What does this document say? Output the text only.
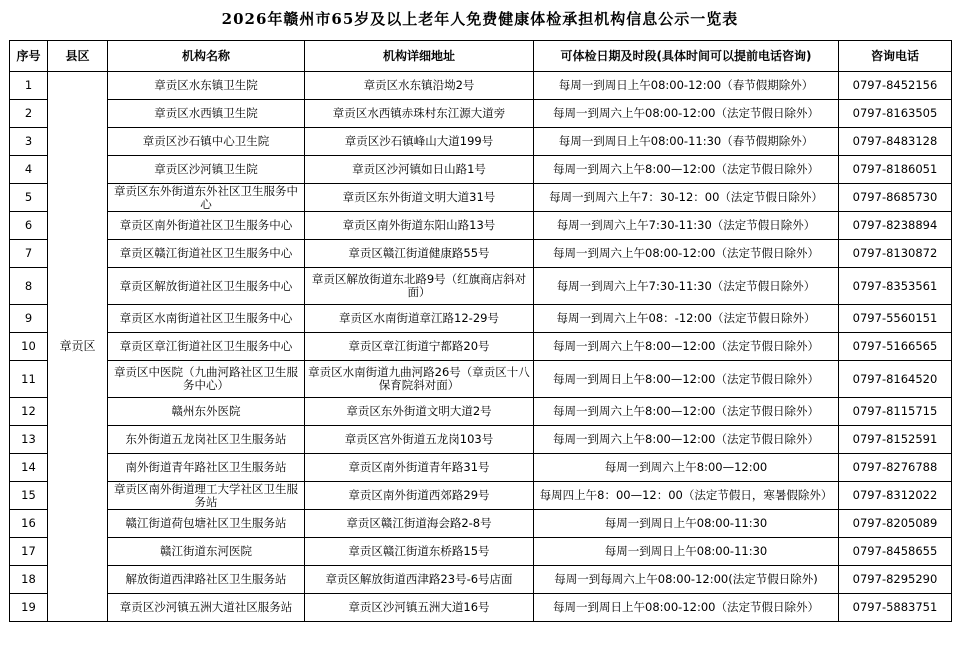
2026年赣州市65岁及以上老年人免费健康体检承担机构信息公示一览表
序号	县区	机构名称	机构详细地址	可体检日期及时段(具体时间可以提前电话咨询)	咨询电话
1	章贡区	章贡区水东镇卫生院	章贡区水东镇沿坳2号	每周一到周日上午08:00-12:00（春节假期除外）	0797-8452156
2		章贡区水西镇卫生院	章贡区水西镇赤珠村东江源大道旁	每周一到周六上午08:00-12:00（法定节假日除外）	0797-8163505
3		章贡区沙石镇中心卫生院	章贡区沙石镇峰山大道199号	每周一到周日上午08:00-11:30（春节假期除外）	0797-8483128
4		章贡区沙河镇卫生院	章贡区沙河镇如日山路1号	每周一到周六上午8:00—12:00（法定节假日除外）	0797-8186051
5		章贡区东外街道东外社区卫生服务中心	章贡区东外街道文明大道31号	每周一到周六上午7：30-12：00（法定节假日除外）	0797-8685730
6		章贡区南外街道社区卫生服务中心	章贡区南外街道东阳山路13号	每周一到周六上午7:30-11:30（法定节假日除外）	0797-8238894
7		章贡区赣江街道社区卫生服务中心	章贡区赣江街道健康路55号	每周一到周六上午08:00-12:00（法定节假日除外）	0797-8130872
8		章贡区解放街道社区卫生服务中心	章贡区解放街道东北路9号（红旗商店斜对面）	每周一到周六上午7:30-11:30（法定节假日除外）	0797-8353561
9		章贡区水南街道社区卫生服务中心	章贡区水南街道章江路12-29号	每周一到周六上午08：-12:00（法定节假日除外）	0797-5560151
10		章贡区章江街道社区卫生服务中心	章贡区章江街道宁都路20号	每周一到周六上午8:00—12:00（法定节假日除外）	0797-5166565
11		章贡区中医院（九曲河路社区卫生服务中心）	章贡区水南街道九曲河路26号（章贡区十八保育院斜对面）	每周一到周日上午8:00—12:00（法定节假日除外）	0797-8164520
12		赣州东外医院	章贡区东外街道文明大道2号	每周一到周六上午8:00—12:00（法定节假日除外）	0797-8115715
13		东外街道五龙岗社区卫生服务站	章贡区宫外街道五龙岗103号	每周一到周六上午8:00—12:00（法定节假日除外）	0797-8152591
14		南外街道青年路社区卫生服务站	章贡区南外街道青年路31号	每周一到周六上午8:00—12:00	0797-8276788
15		章贡区南外街道理工大学社区卫生服务站	章贡区南外街道西郊路29号	每周四上午8：00—12：00（法定节假日，寒暑假除外）	0797-8312022
16		赣江街道荷包塘社区卫生服务站	章贡区赣江街道海会路2-8号	每周一到周日上午08:00-11:30	0797-8205089
17		赣江街道东河医院	章贡区赣江街道东桥路15号	每周一到周日上午08:00-11:30	0797-8458655
18		解放街道西津路社区卫生服务站	章贡区解放街道西津路23号-6号店面	每周一到每周六上午08:00-12:00(法定节假日除外)	0797-8295290
19		章贡区沙河镇五洲大道社区服务站	章贡区沙河镇五洲大道16号	每周一到周日上午08:00-12:00（法定节假日除外）	0797-5883751
